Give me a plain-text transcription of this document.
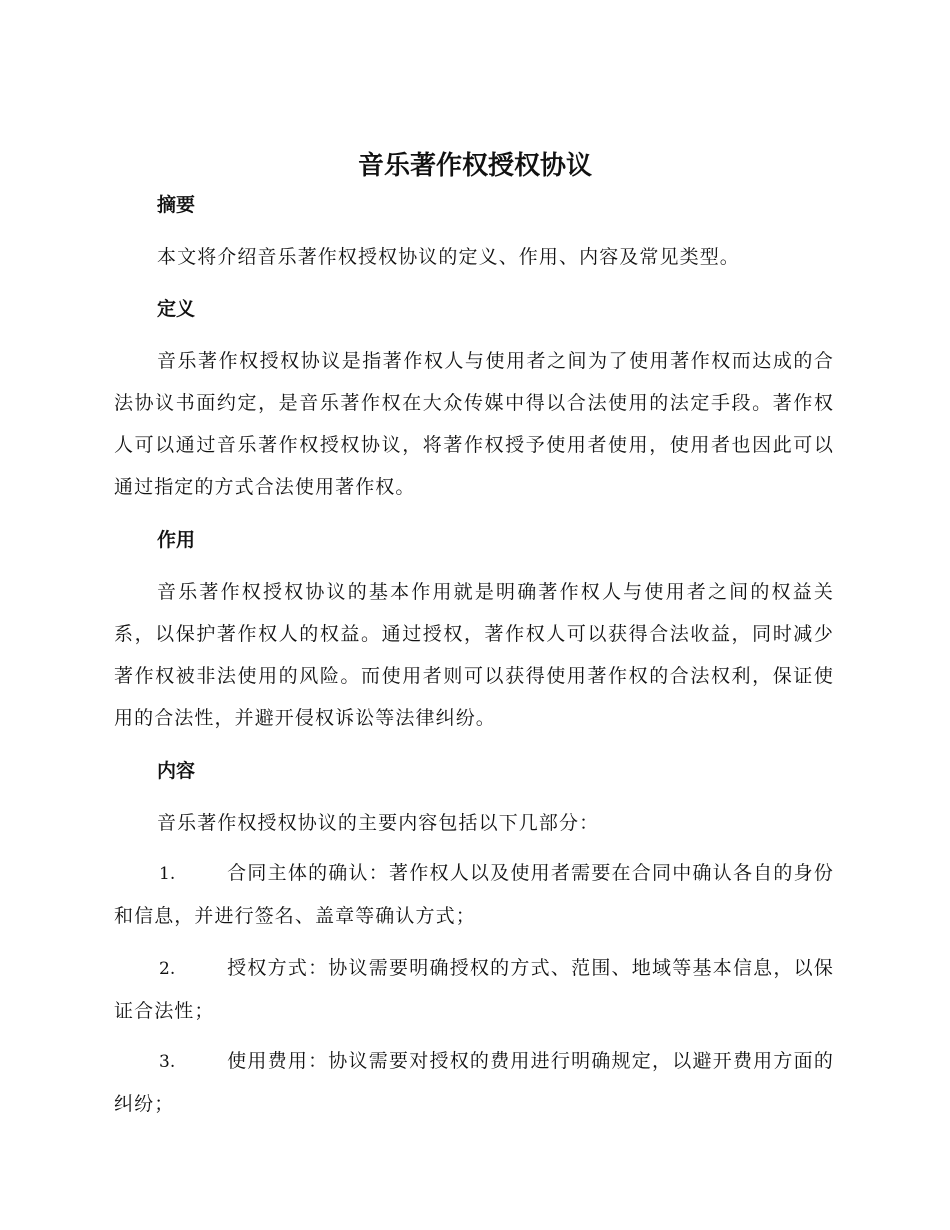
音乐著作权授权协议
摘要

本文将介绍音乐著作权授权协议的定义、作用、内容及常见类型。

定义

音乐著作权授权协议是指著作权人与使用者之间为了使用著作权而达成的合法协议书面约定，是音乐著作权在大众传媒中得以合法使用的法定手段。著作权人可以通过音乐著作权授权协议，将著作权授予使用者使用，使用者也因此可以通过指定的方式合法使用著作权。

作用

音乐著作权授权协议的基本作用就是明确著作权人与使用者之间的权益关系，以保护著作权人的权益。通过授权，著作权人可以获得合法收益，同时减少著作权被非法使用的风险。而使用者则可以获得使用著作权的合法权利，保证使用的合法性，并避开侵权诉讼等法律纠纷。

内容

音乐著作权授权协议的主要内容包括以下几部分：

1.	合同主体的确认：著作权人以及使用者需要在合同中确认各自的身份和信息，并进行签名、盖章等确认方式；

2.	授权方式：协议需要明确授权的方式、范围、地域等基本信息，以保证合法性；

3.	使用费用：协议需要对授权的费用进行明确规定，以避开费用方面的纠纷；
